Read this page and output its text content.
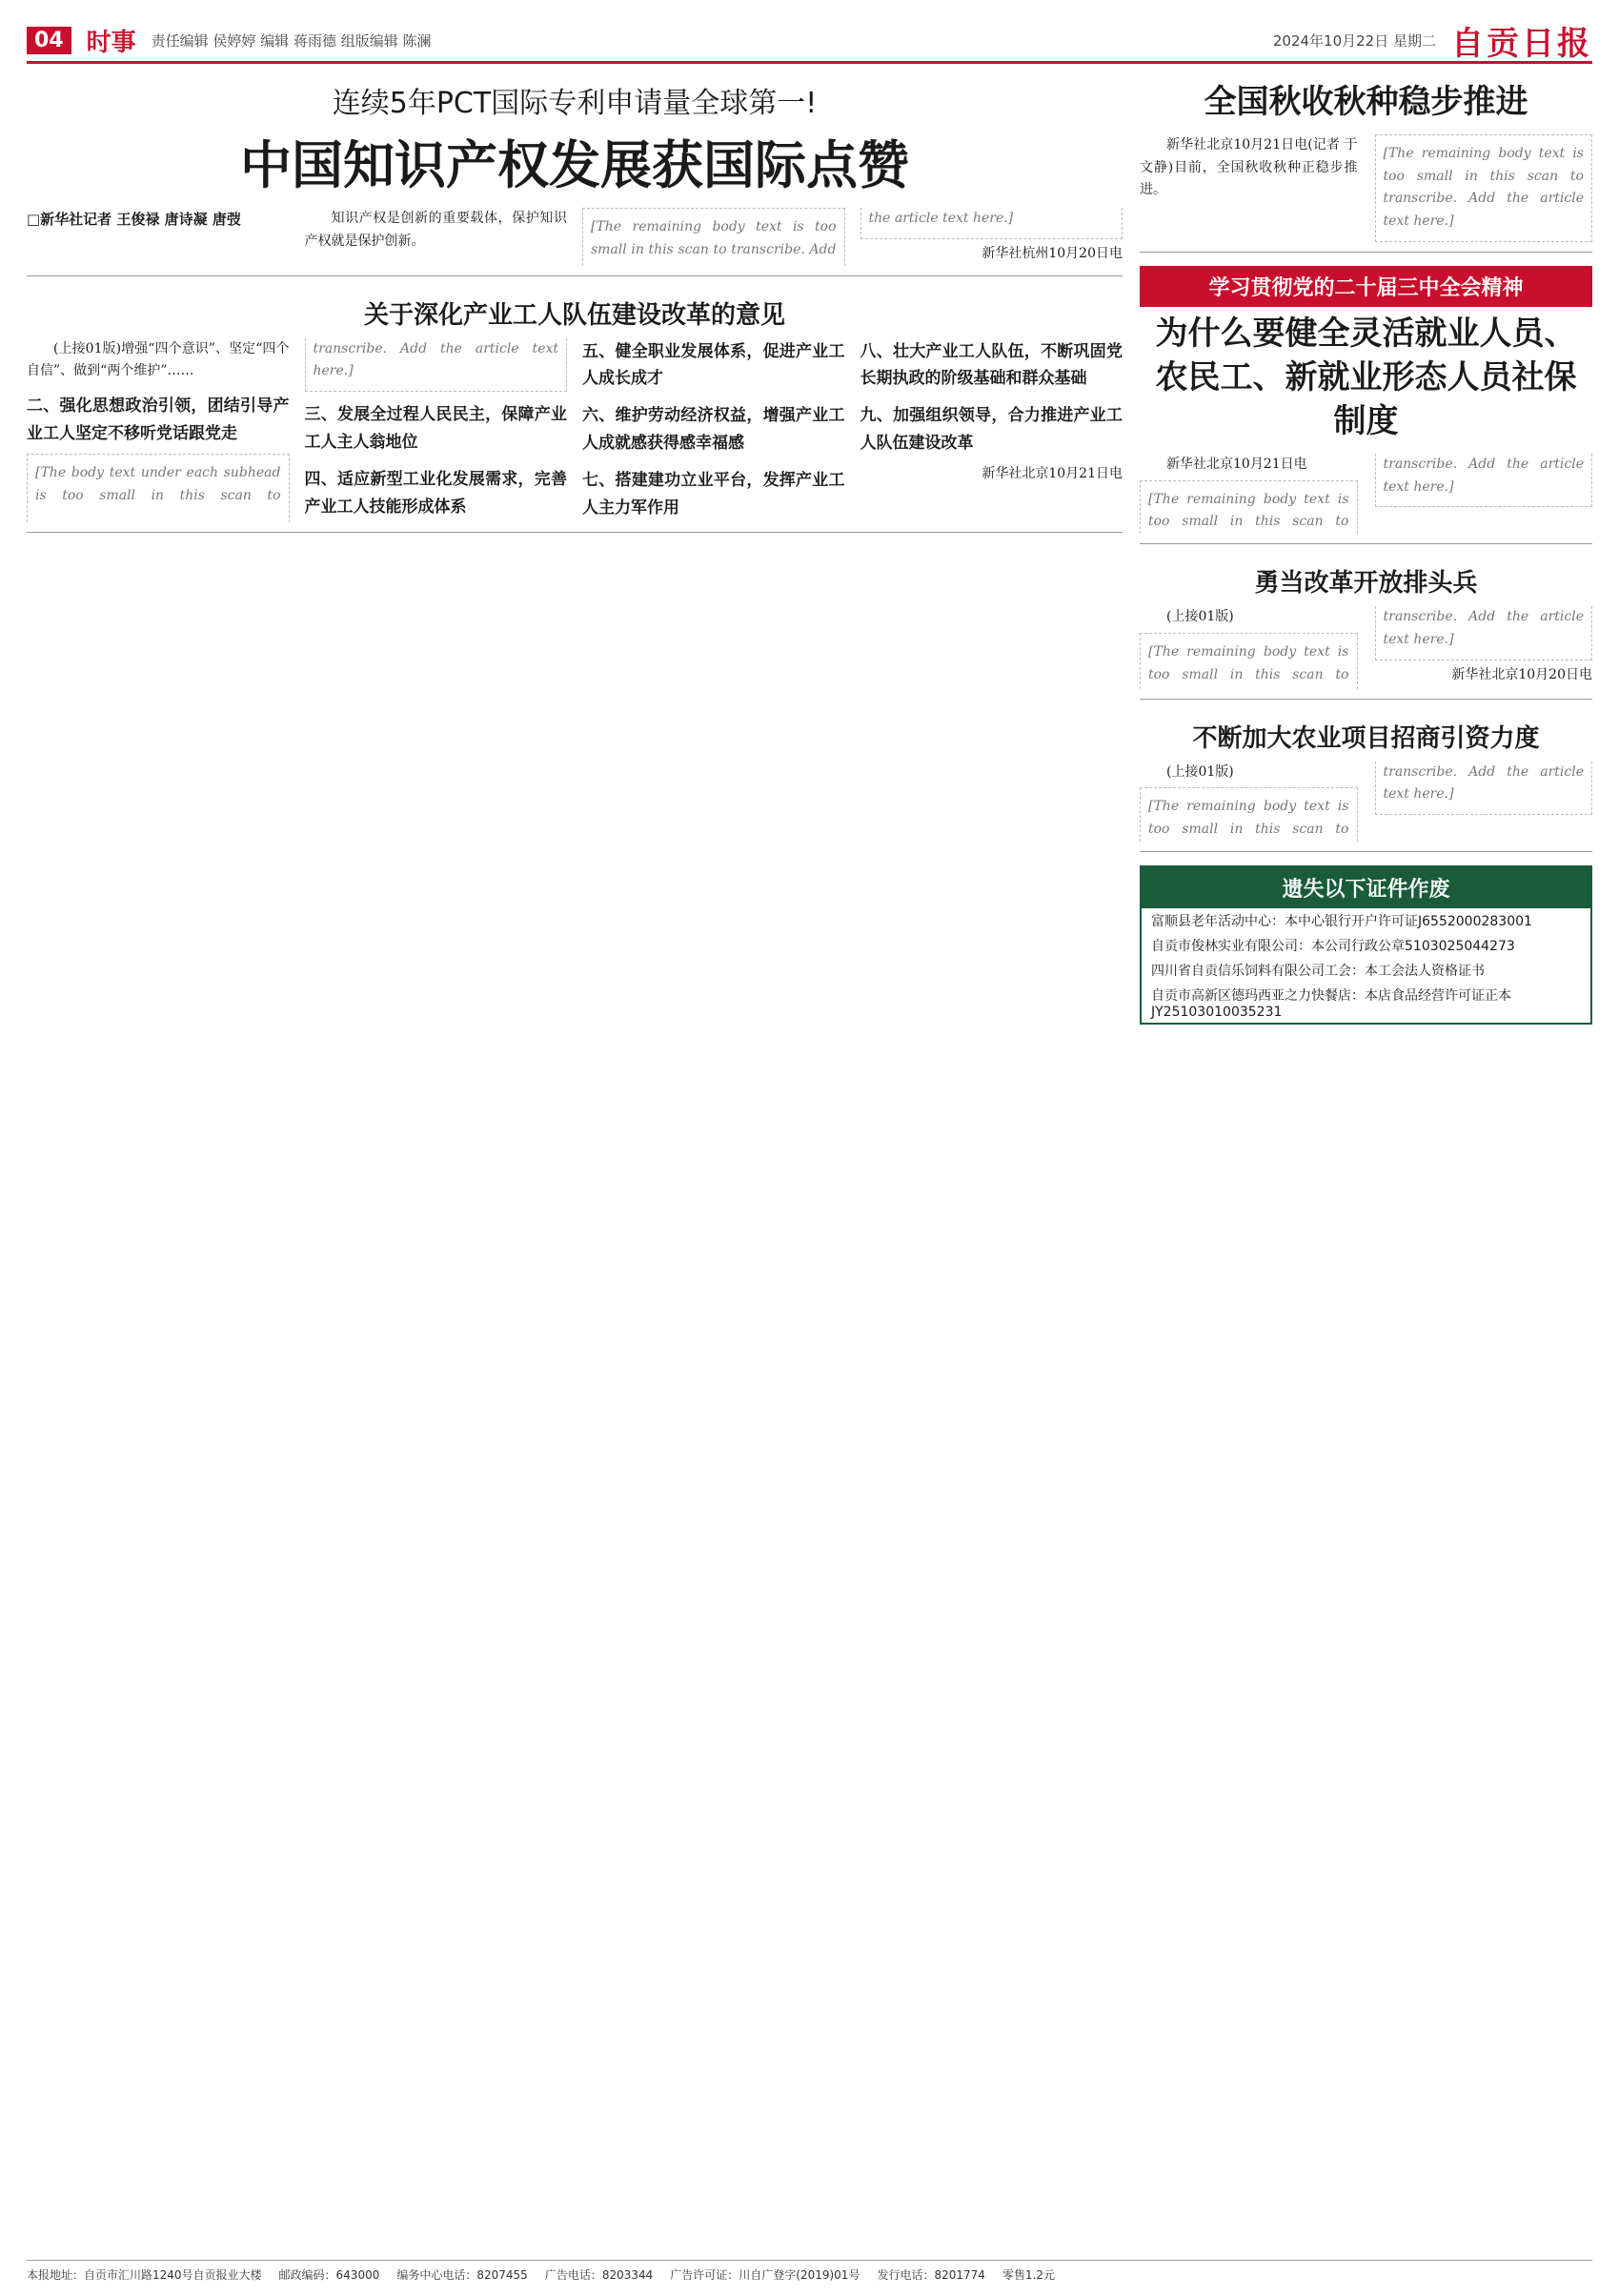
04 时事 责任编辑 侯婷婷 编辑 蒋雨德 组版编辑 陈澜	2024年10月22日 星期二 自贡日报
连续5年PCT国际专利申请量全球第一!
中国知识产权发展获国际点赞
□新华社记者 王俊禄 唐诗凝 唐弢	知识产权是创新的重要载体，保护知识产权就是保护创新。

[The remaining body text is too small in this scan to transcribe. Add the article text here.]

新华社杭州10月20日电

关于深化产业工人队伍建设改革的意见

(上接01版)增强“四个意识”、坚定“四个自信”、做到“两个维护”……

二、强化思想政治引领，团结引导产业工人坚定不移听党话跟党走

[The body text under each subhead is too small in this scan to transcribe. Add the article text here.]

三、发展全过程人民民主，保障产业工人主人翁地位
四、适应新型工业化发展需求，完善产业工人技能形成体系
五、健全职业发展体系，促进产业工人成长成才
六、维护劳动经济权益，增强产业工人成就感获得感幸福感
七、搭建建功立业平台，发挥产业工人主力军作用
八、壮大产业工人队伍，不断巩固党长期执政的阶级基础和群众基础
九、加强组织领导，合力推进产业工人队伍建设改革

新华社北京10月21日电

全国秋收秋种稳步推进

新华社北京10月21日电(记者 于文静)目前，全国秋收秋种正稳步推进。

[The remaining body text is too small in this scan to transcribe. Add the article text here.]

学习贯彻党的二十届三中全会精神
为什么要健全灵活就业人员、
农民工、新就业形态人员社保制度

新华社北京10月21日电

[The remaining body text is too small in this scan to transcribe. Add the article text here.]

勇当改革开放排头兵

(上接01版)

[The remaining body text is too small in this scan to transcribe. Add the article text here.]

新华社北京10月20日电

不断加大农业项目招商引资力度

(上接01版)

[The remaining body text is too small in this scan to transcribe. Add the article text here.]

遗失以下证件作废
富顺县老年活动中心：本中心银行开户许可证J6552000283001
自贡市俊林实业有限公司：本公司行政公章5103025044273
四川省自贡信乐饲料有限公司工会：本工会法人资格证书
自贡市高新区德玛西亚之力快餐店：本店食品经营许可证正本JY25103010035231
本报地址：自贡市汇川路1240号自贡报业大楼 邮政编码：643000 编务中心电话：8207455 广告电话：8203344 广告许可证：川自广登字(2019)01号 发行电话：8201774 零售1.2元
